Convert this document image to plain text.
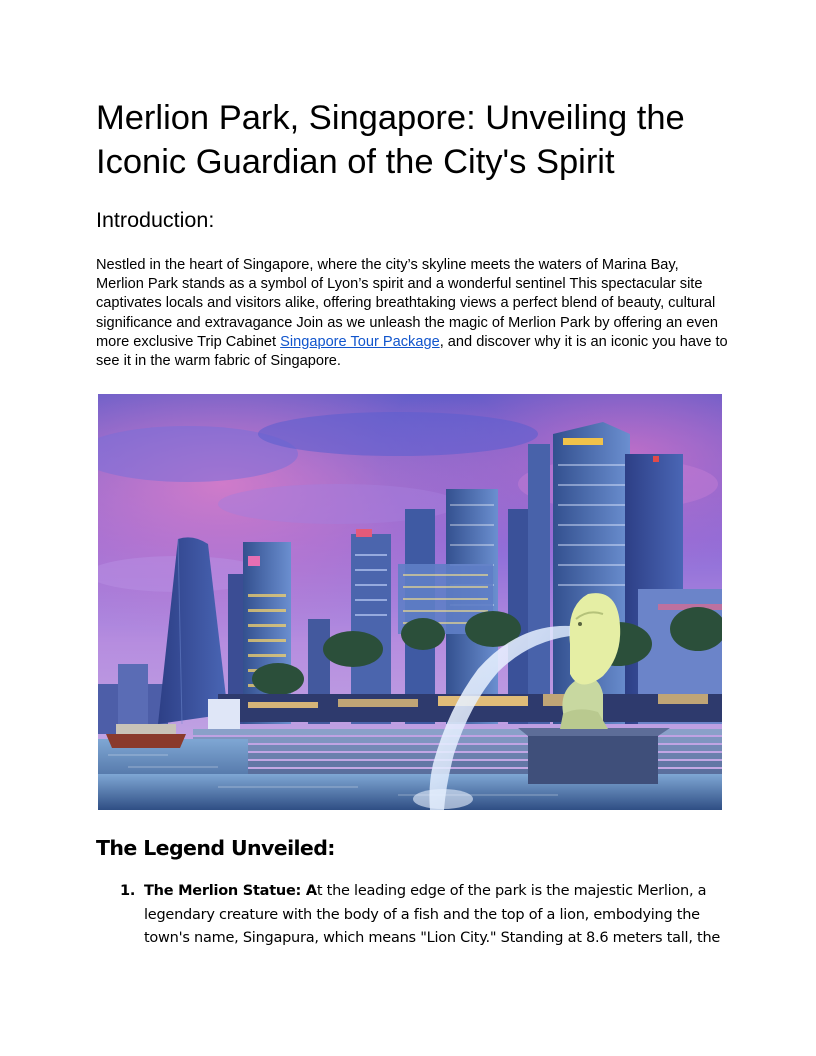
Merlion Park, Singapore: Unveiling the Iconic Guardian of the City's Spirit
Introduction:

Nestled in the heart of Singapore, where the city’s skyline meets the waters of Marina Bay, Merlion Park stands as a symbol of Lyon’s spirit and a wonderful sentinel This spectacular site captivates locals and visitors alike, offering breathtaking views a perfect blend of beauty, cultural significance and extravagance Join as we unleash the magic of Merlion Park by offering an even more exclusive Trip Cabinet Singapore Tour Package, and discover why it is an iconic you have to see it in the warm fabric of Singapore.

The Legend Unveiled:
1. The Merlion Statue: At the leading edge of the park is the majestic Merlion, a legendary creature with the body of a fish and the top of a lion, embodying the town's name, Singapura, which means "Lion City." Standing at 8.6 meters tall, the
